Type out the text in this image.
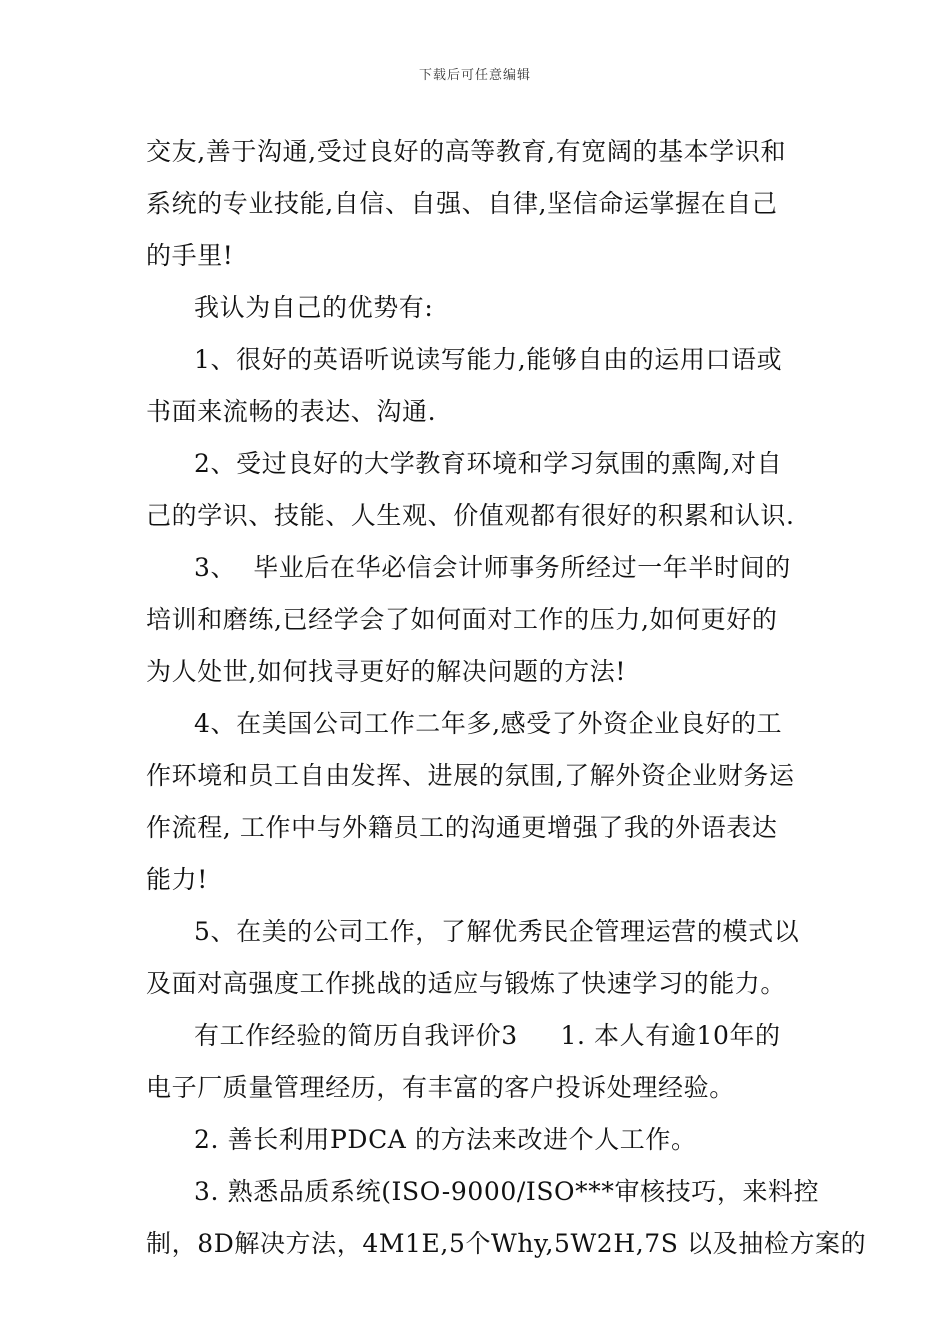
下载后可任意编辑
交友,善于沟通,受过良好的高等教育,有宽阔的基本学识和
系统的专业技能,自信、自强、自律,坚信命运掌握在自己
的手里!
我认为自己的优势有:
1、很好的英语听说读写能力,能够自由的运用口语或
书面来流畅的表达、沟通.
2、受过良好的大学教育环境和学习氛围的熏陶,对自
己的学识、技能、人生观、价值观都有很好的积累和认识.
3、  毕业后在华必信会计师事务所经过一年半时间的
培训和磨练,已经学会了如何面对工作的压力,如何更好的
为人处世,如何找寻更好的解决问题的方法!
4、在美国公司工作二年多,感受了外资企业良好的工
作环境和员工自由发挥、进展的氛围,了解外资企业财务运
作流程, 工作中与外籍员工的沟通更增强了我的外语表达
能力!
5、在美的公司工作，了解优秀民企管理运营的模式以
及面对高强度工作挑战的适应与锻炼了快速学习的能力。
有工作经验的简历自我评价3     1. 本人有逾10年的
电子厂质量管理经历，有丰富的客户投诉处理经验。
2. 善长利用PDCA 的方法来改进个人工作。
3. 熟悉品质系统(ISO-9000/ISO***审核技巧，来料控
制，8D解决方法，4M1E,5个Why,5W2H,7S 以及抽检方案的
